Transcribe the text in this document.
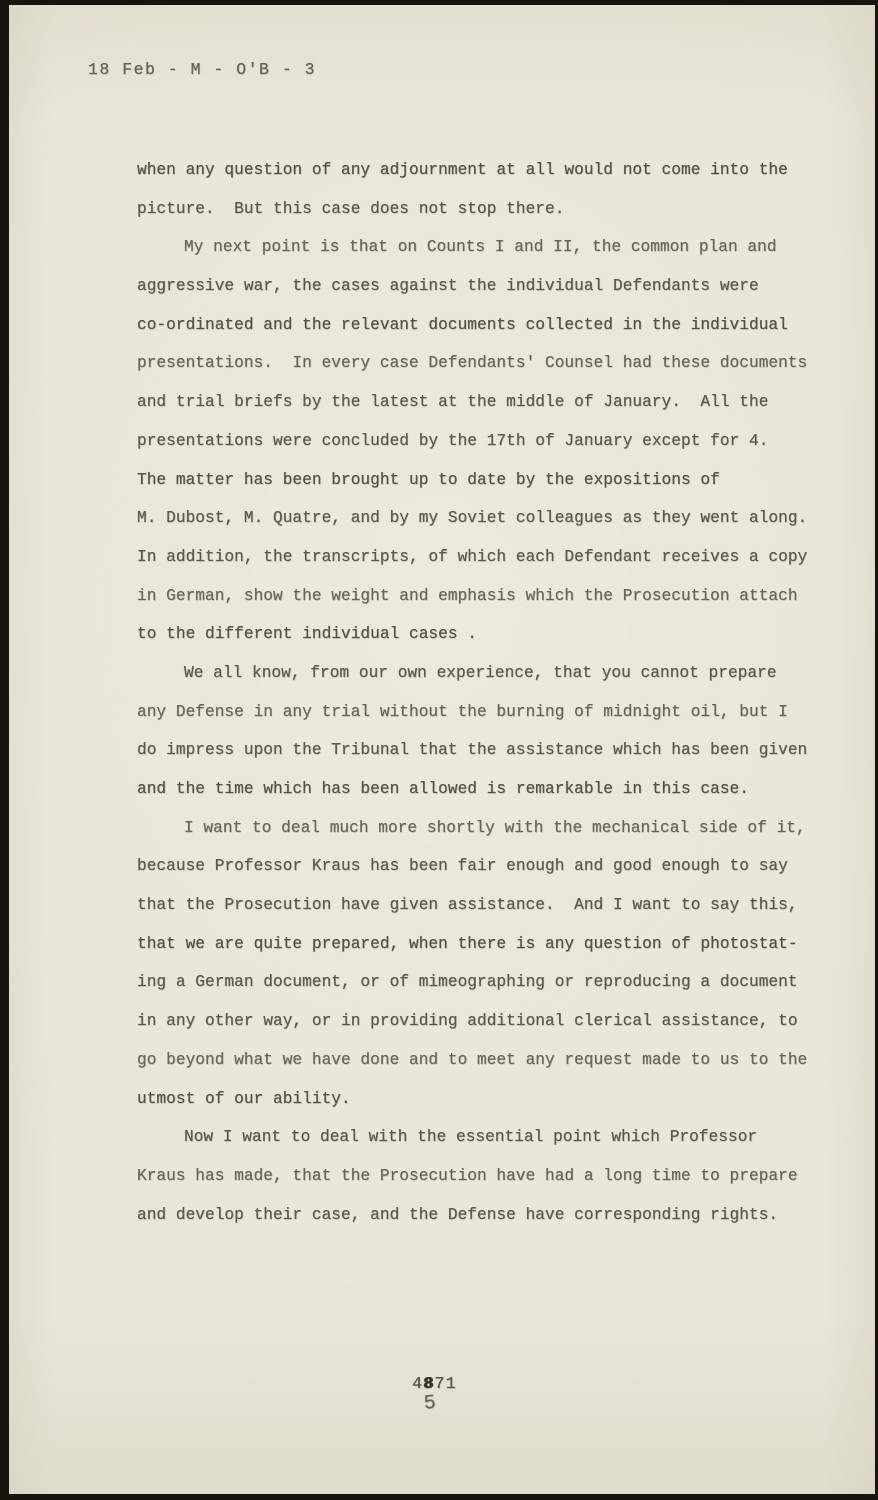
18 Feb - M - O'B - 3
when any question of any adjournment at all would not come into the
picture.  But this case does not stop there.
My next point is that on Counts I and II, the common plan and
aggressive war, the cases against the individual Defendants were
co-ordinated and the relevant documents collected in the individual
presentations.  In every case Defendants' Counsel had these documents
and trial briefs by the latest at the middle of January.  All the
presentations were concluded by the 17th of January except for 4.
The matter has been brought up to date by the expositions of
M. Dubost, M. Quatre, and by my Soviet colleagues as they went along.
In addition, the transcripts, of which each Defendant receives a copy
in German, show the weight and emphasis which the Prosecution attach
to the different individual cases .
We all know, from our own experience, that you cannot prepare
any Defense in any trial without the burning of midnight oil, but I
do impress upon the Tribunal that the assistance which has been given
and the time which has been allowed is remarkable in this case.
I want to deal much more shortly with the mechanical side of it,
because Professor Kraus has been fair enough and good enough to say
that the Prosecution have given assistance.  And I want to say this,
that we are quite prepared, when there is any question of photostat-
ing a German document, or of mimeographing or reproducing a document
in any other way, or in providing additional clerical assistance, to
go beyond what we have done and to meet any request made to us to the
utmost of our ability.
Now I want to deal with the essential point which Professor
Kraus has made, that the Prosecution have had a long time to prepare
and develop their case, and the Defense have corresponding rights.
4871
5
